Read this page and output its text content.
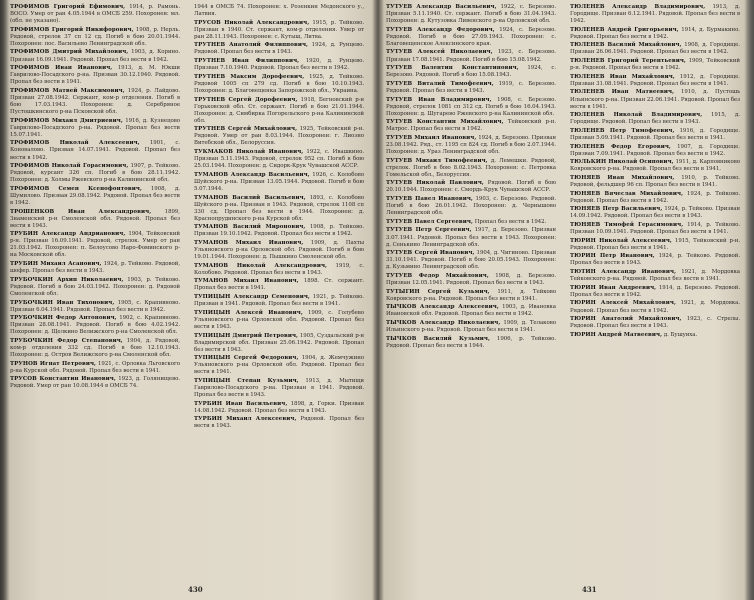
ТРОФИМОВ Григорий Ефимович, 1914, р. Рамонь. ВОСО. Умер от ран 4.05.1944 в ОМСБ 259. Похоронен: мл. (обл. не указано).

ТРОФИМОВ Григорий Никифорович, 1908, р. Нерль. Рядовой, стрелок 37 сп 12 сд. Погиб в бою 20.01.1944. Похоронен: пос. Васильево Ленинградской обл.

ТРОФИМОВ Дмитрий Михайлович, 1903, д. Корино. Призван 16.09.1941. Рядовой. Пропал без вести в 1942.

ТРОФИМОВ Иван Иванович, 1913, д. М. Юкши Гаврилово-Посадского р-на. Призван 30.12.1940. Рядовой. Пропал без вести в 1941.

ТРОФИМОВ Матвей Максимович, 1924, р. Лайдово. Призван 27.08.1942. Сержант, ком-р отделения. Погиб в бою 17.03.1943. Похоронен: д. Серебряное Пустошкинского р-на Псковской обл.

ТРОФИМОВ Михаил Дмитриевич, 1916, д. Кузнецово Гаврилово-Посадского р-на. Рядовой. Пропал без вести 15.07.1941.

ТРОФИМОВ Николай Алексеевич, 1901, с. Коновалово. Призван 14.07.1941. Рядовой. Пропал без вести в 1942.

ТРОФИМОВ Николай Горасимович, 1907, р. Тейково. Рядовой, курсант 326 сп. Погиб в бою 28.11.1942. Похоронен: д. Холмы Ржевского р-на Калининской обл.

ТРОФИМОВ Семен Ксенофонтович, 1908, д. Шумилово. Призван 29.08.1942. Рядовой. Пропал без вести в 1942.

ТРОШЕНКОВ Иван Александрович, 1899, Знаменский р-н Смоленской обл. Рядовой. Пропал без вести в 1943.

ТРУБИН Александр Андрианович, 1904, Тейковский р-н. Призван 16.09.1941. Рядовой, стрелок. Умер от ран 21.03.1942. Похоронен: п. Белоусово Наро-Фоминского р-на Московской обл.

ТРУБИН Михаил Асанович, 1924, р. Тейково. Рядовой, шофер. Пропал без вести в 1943.

ТРУБОЧКИН Архип Николаевич, 1903, р. Тейково. Рядовой. Погиб в бою 24.03.1942. Похоронен: д. Рядовой Смоленской обл.

ТРУБОЧКИН Иван Тихонович, 1905, с. Крапивново. Призван 6.04.1941. Рядовой. Пропал без вести в 1942.

ТРУБОЧКИН Федор Антонович, 1902, с. Крапивново. Призван 28.08.1941. Рядовой. Погиб в бою 4.02.1942. Похоронен: д. Щелкино Велижского р-на Смоленской обл.

ТРУБОЧКИН Федор Степанович, 1904, д. Рядовой, ком-р отделения 332 сд. Погиб в бою 12.10.1943. Похоронен: д. Остров Велижского р-на Смоленской обл.

ТРУНОВ Игнат Петрович, 1921, с. Орловка Льговского р-на Курской обл. Рядовой. Пропал без вести в 1941.

ТРУСОВ Константин Иванович, 1923, д. Голянищево. Рядовой. Умер от ран 10.08.1944 в ОМСБ 74.

1944 в ОМСБ 74. Похоронен: х. Розенкин Медонского у., Латвия.

ТРУСОВ Николай Александрович, 1915, р. Тейково. Призван в 1940. Ст. сержант, ком-р отделения. Умер от ран 28.11.1943. Похоронен: с. Кутыш, Литва.

ТРУТНЕВ Анатолий Филиппович, 1924, д. Рунцево. Рядовой. Пропал без вести в 1943.

ТРУТНЕВ Иван Филиппович, 1920, д. Рунцево. Призван 7.10.1940. Рядовой. Пропал без вести в 1942.

ТРУТНЕВ Максим Дорофеевич, 1925, д. Тейково. Рядовой 1005 сп 279 сд. Погиб в бою 10.10.1943. Похоронен: д. Благовещенка Запорожской обл., Украина.

ТРУТНЕВ Сергей Дорофеевич, 1918, Бегновский р-н Горьковской обл. Ст. сержант. Погиб в бою 21.01.1944. Похоронен: д. Симбирка Погорельского р-на Калининской обл.

ТРУТНЕВ Сергей Михайлович, 1925, Тейковский р-н. Рядовой. Умер от ран 8.03.1944. Похоронен: г. Лиозно Витебской обл., Белоруссия.

ТУКМАКОВ Николай Иванович, 1922, с. Ивашкино. Призван 5.11.1943. Рядовой, стрелок 952 сп. Погиб в бою 25.03.1944. Похоронен: д. Сидорк-Крук Чувашской АССР.

ТУМАНОВ Александр Васильевич, 1926, с. Колобово Шуйского р-на. Призван 13.05.1944. Рядовой. Погиб в бою 5.07.1944.

ТУМАНОВ Василий Васильевич, 1893, с. Колобово Шуйского р-на. Призван в 1943. Рядовой, стрелок 1108 сп 330 сд. Пропал без вести в 1944. Похоронен: д. Краснопрудинского р-на Курской обл.

ТУМАНОВ Василий Миронович, 1908, р. Тейково. Призван 19.10.1942. Рядовой. Пропал без вести в 1942.

ТУМАНОВ Михаил Иванович, 1909, д. Пахты Ульяновского р-на Орловской обл. Рядовой. Погиб в бою 19.01.1944. Похоронен: д. Пышкино Смоленской обл.

ТУМАНОВ Николай Александрович, 1919, с. Колобово. Рядовой. Пропал без вести в 1943.

ТУМАНОВ Михаил Иванович, 1898. Ст. сержант. Пропал без вести в 1941.

ТУПИЦЫН Александр Семенович, 1921, р. Тейково. Призван в 1941. Рядовой. Пропал без вести в 1941.

ТУПИЦЫН Алексей Иванович, 1909, с. Голубево Ульяновского р-на Орловской обл. Рядовой. Пропал без вести в 1943.

ТУПИЦЫН Дмитрий Петрович, 1905, Суздальский р-н Владимирской обл. Призван 25.06.1942. Рядовой. Пропал без вести в 1943.

ТУПИЦЫН Сергей Федорович, 1904, д. Жемчужино Ульяновского р-на Орловской обл. Рядовой. Пропал без вести в 1941.

ТУПИЦЫН Степан Кузьмич, 1913, д. Мытищи Гаврилово-Посадского р-на. Призван в 1941. Рядовой. Пропал без вести в 1943.

ТУРБИН Иван Васильевич, 1898, д. Горки. Призван 14.08.1942. Рядовой. Пропал без вести в 1943.

ТУРБИН Михаил Алексеевич, Рядовой. Пропал без вести в 1943.

430

ТУТУЕВ Александр Васильевич, 1922, с. Березово. Призван 5.11.1940. Ст. сержант. Погиб в бою 31.04.1943. Похоронен: д. Кутузовка Ливенского р-на Орловской обл.

ТУТУЕВ Александр Федорович, 1924, с. Березово. Рядовой. Погиб в бою 27.09.1943. Похоронен: с. Благовещенское Алексинского края.

ТУТУЕВ Алексей Николаевич, 1923, с. Березово. Призван 17.08.1941. Рядовой. Погиб в бою 15.08.1942.

ТУТУЕВ Валентин Константинович, 1924, с. Березово. Рядовой. Погиб в бою 15.08.1943.

ТУТУЕВ Виталий Тимофеевич, 1919, с. Березово. Рядовой. Пропал без вести в 1943.

ТУТУЕВ Иван Владимирович, 1908, с. Березово. Рядовой, стрелок 1081 сп 312 сд. Погиб в бою 16.04.1943. Похоронен: д. Шугарево Ржевского р-на Калининской обл.

ТУТУЕВ Константин Михайлович, Тейковский р-н. Матрос. Пропал без вести в 1942.

ТУТУЕВ Михаил Иванович, 1924, д. Березово. Призван 23.08.1942. Ряд., ст. 1195 сп 824 сд. Погиб в бою 2.07.1944. Похоронен: д. Ураз Ленинградской обл.

ТУТУЕВ Михаил Тимофеевич, д. Лемешки. Рядовой, стрелок. Погиб в бою 8.02.1943. Похоронен: с. Петровка Гомельской обл., Белоруссия.

ТУТУЕВ Николай Павлович, Рядовой. Погиб в бою 20.10.1944. Похоронен: с. Смордь-Крук Чувашской АССР.

ТУТУЕВ Павел Иванович, 1903, с. Березово. Рядовой. Погиб в бою 26.01.1942. Похоронен: д. Чернышово Ленинградской обл.

ТУТУЕВ Павел Сергеевич, Пропал без вести в 1942.

ТУТУЕВ Петр Сергеевич, 1917, д. Березово. Призван 3.07.1941. Рядовой. Пропал без вести в 1943. Похоронен: д. Сенькино Ленинградской обл.

ТУТУЕВ Сергей Иванович, 1904, д. Чигиново. Призван 31.10.1941. Рядовой. Погиб в бою 20.05.1943. Похоронен: д. Кузьмино Ленинградской обл.

ТУТУЕВ Федор Михайлович, 1908, д. Березово. Призван 12.05.1941. Рядовой. Пропал без вести в 1943.

ТУТЫГИН Сергей Кузьмич, 1911, д. Тейково Ковровского р-на. Рядовой. Пропал без вести в 1941.

ТЫЧКОВ Александр Алексеевич, 1903, д. Ивановка Ивановской обл. Рядовой. Пропал без вести в 1942.

ТЫЧКОВ Александр Николаевич, 1909, д. Телаково Ильинского р-на. Рядовой. Пропал без вести в 1941.

ТЫЧКОВ Василий Кузьмич, 1906, р. Тейково. Рядовой. Пропал без вести в 1944.

ТЮЛЕНЕВ Александр Владимирович, 1913, д. Городище. Призван 6.12.1941. Рядовой. Пропал без вести в 1942.

ТЮЛЕНЕВ Андрей Григорьевич, 1914, д. Бурмакино. Рядовой. Пропал без вести в 1942.

ТЮЛЕНЕВ Василий Михайлович, 1908, д. Городище. Призван 26.06.1941. Рядовой. Пропал без вести в 1942.

ТЮЛЕНЕВ Григорий Терентьевич, 1909, Тейковский р-н. Рядовой. Пропал без вести в 1942.

ТЮЛЕНЕВ Иван Михайлович, 1912, д. Городище. Призван 31.08.1941. Рядовой. Пропал без вести в 1941.

ТЮЛЕНЕВ Иван Матвеевич, 1910, д. Пустошь Ильинского р-на. Призван 22.06.1941. Рядовой. Пропал без вести в 1941.

ТЮЛЕНЕВ Николай Владимирович, 1915, д. Городище. Рядовой. Пропал без вести в 1943.

ТЮЛЕНЕВ Петр Тимофеевич, 1916, д. Городище. Призван 5.09.1941. Рядовой. Пропал без вести в 1941.

ТЮЛЕНЕВ Федор Егорович, 1907, д. Городище. Призван 7.09.1941. Рядовой. Пропал без вести в 1942.

ТЮЛЬКИН Николай Осипович, 1911, д. Карповниково Ковровского р-на. Рядовой. Пропал без вести в 1941.

ТЮНЯЕВ Иван Михайлович, 1910, р. Тейково. Рядовой, фельдшер 96 сп. Пропал без вести в 1941.

ТЮНЯЕВ Вячеслав Михайлович, 1924, р. Тейково. Рядовой. Пропал без вести в 1942.

ТЮНЯЕВ Петр Васильевич, 1924, р. Тейково. Призван 14.09.1942. Рядовой. Пропал без вести в 1943.

ТЮНЯЕВ Тимофей Герасимович, 1914, р. Тейково. Призван 10.09.1941. Рядовой. Пропал без вести в 1941.

ТЮРИН Николай Алексеевич, 1915, Тейковский р-н. Рядовой. Пропал без вести в 1941.

ТЮРИН Петр Иванович, 1924, р. Тейково. Рядовой. Пропал без вести в 1943.

ТЮТИН Александр Иванович, 1921, д. Мордовка Тейковского р-на. Рядовой. Пропал без вести в 1941.

ТЮРИН Иван Андреевич, 1914, д. Березово. Рядовой. Пропал без вести в 1942.

ТЮРИН Алексей Михайлович, 1921, д. Мордовка. Рядовой. Пропал без вести в 1942.

ТЮРИН Анатолий Михайлович, 1923, с. Стрелы. Рядовой. Пропал без вести в 1943.

ТЮРИН Андрей Матвеевич, д. Бушуиха.

431
